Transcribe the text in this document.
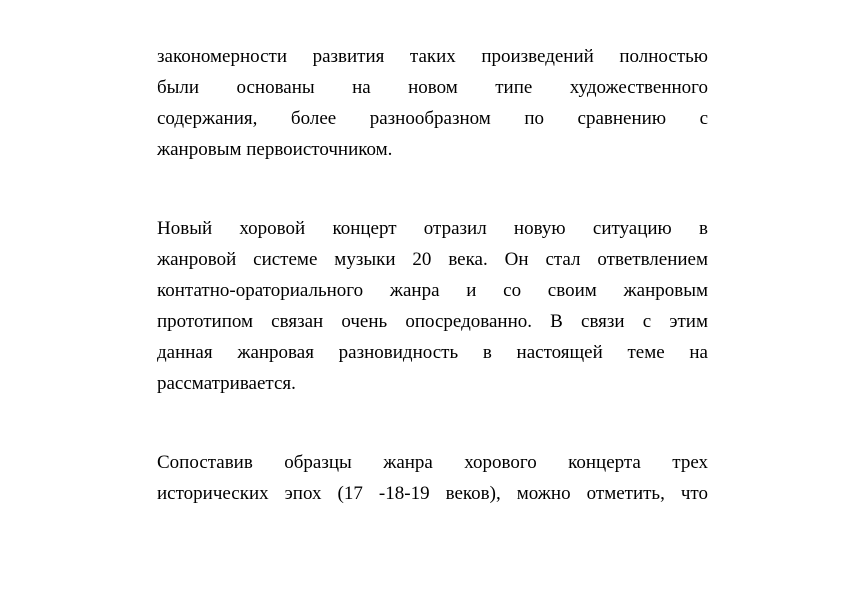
закономерности развития таких произведений полностью
были основаны на новом типе художественного
содержания, более разнообразном по сравнению с
жанровым первоисточником.
Новый хоровой концерт отразил новую ситуацию в
жанровой системе музыки 20 века. Он стал ответвлением
контатно-ораториального жанра и со своим жанровым
прототипом связан очень опосредованно. В связи с этим
данная жанровая разновидность в настоящей теме на
рассматривается.
Сопоставив образцы жанра хорового концерта трех
исторических эпох (17 -18-19 веков), можно отметить, что
